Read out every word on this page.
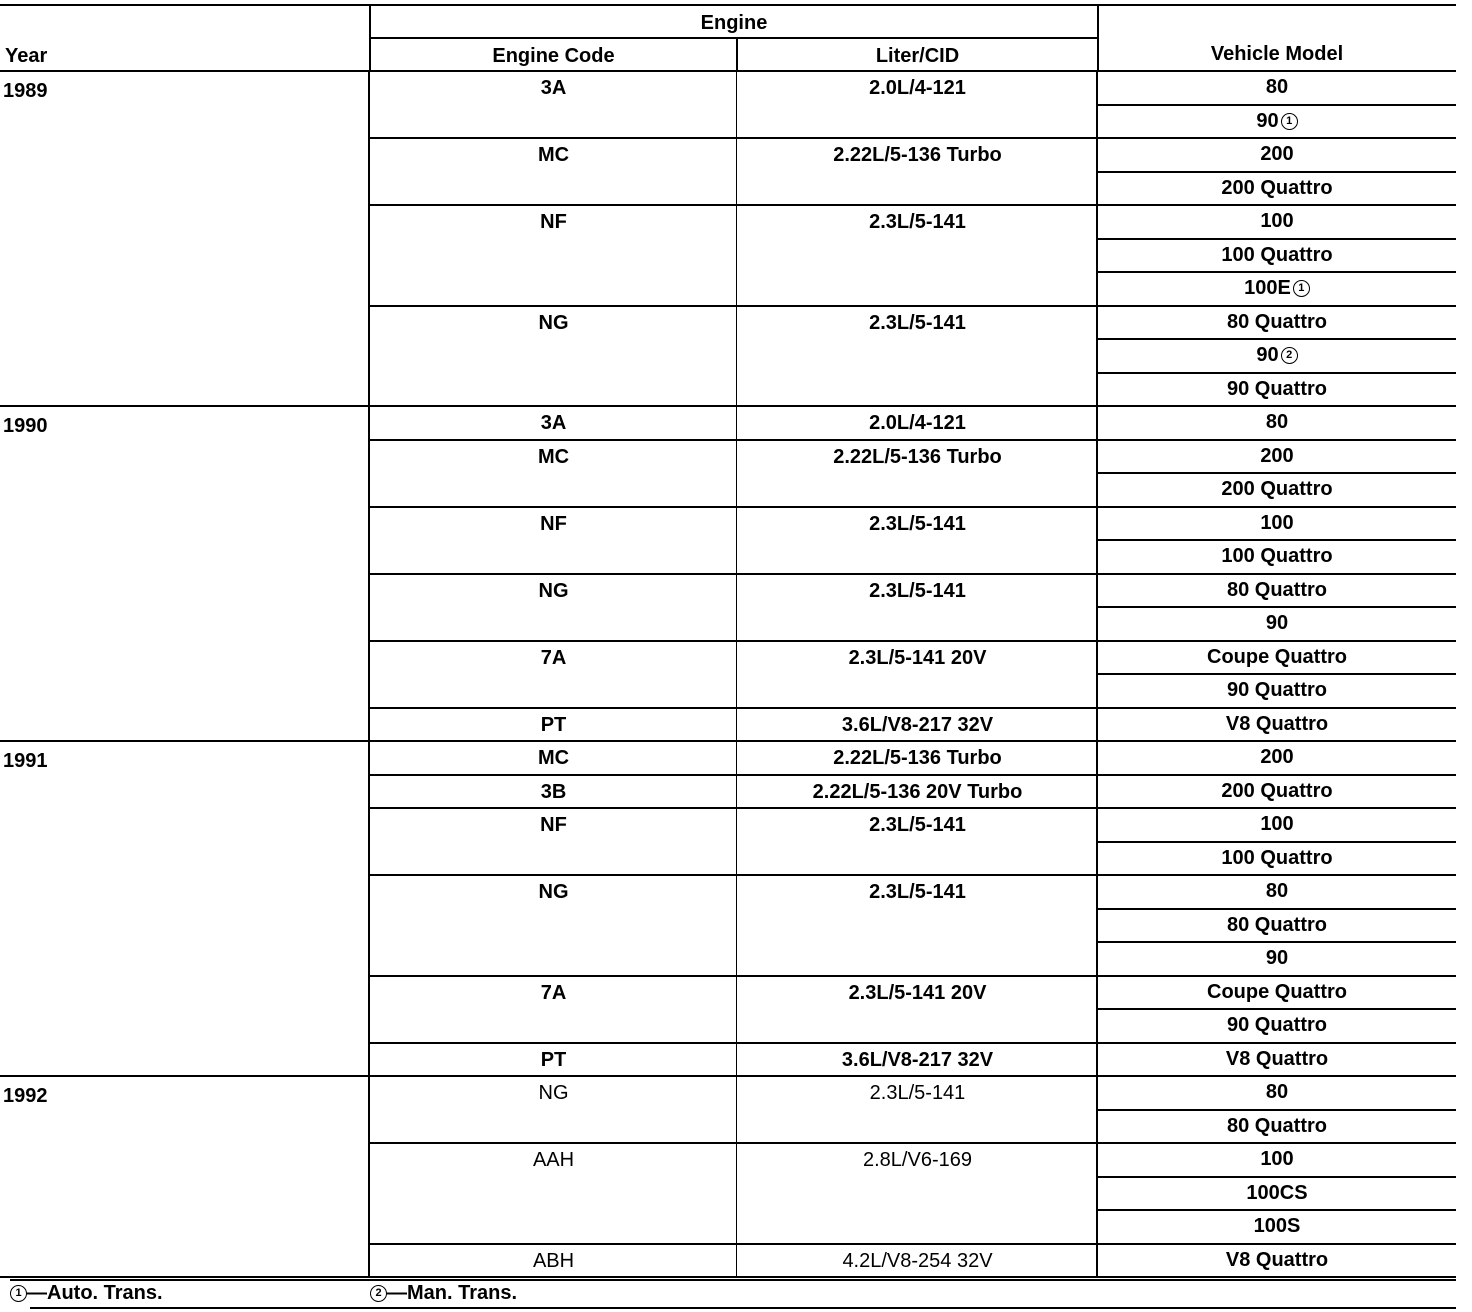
Year
Engine
Engine Code	Liter/CID	Vehicle Model
1989	3A	2.0L/4-121	80
90 1
MC	2.22L/5-136 Turbo	200
200 Quattro
NF	2.3L/5-141	100
100 Quattro
100E 1
NG	2.3L/5-141	80 Quattro
90 2
90 Quattro
1990	3A	2.0L/4-121	80
MC	2.22L/5-136 Turbo	200
200 Quattro
NF	2.3L/5-141	100
100 Quattro
NG	2.3L/5-141	80 Quattro
90
7A	2.3L/5-141 20V	Coupe Quattro
90 Quattro
PT	3.6L/V8-217 32V	V8 Quattro
1991	MC	2.22L/5-136 Turbo	200
3B	2.22L/5-136 20V Turbo	200 Quattro
NF	2.3L/5-141	100
100 Quattro
NG	2.3L/5-141	80
80 Quattro
90
7A	2.3L/5-141 20V	Coupe Quattro
90 Quattro
PT	3.6L/V8-217 32V	V8 Quattro
1992	NG	2.3L/5-141	80
80 Quattro
AAH	2.8L/V6-169	100
100CS
100S
ABH	4.2L/V8-254 32V	V8 Quattro
1 —Auto. Trans.	2 —Man. Trans.
